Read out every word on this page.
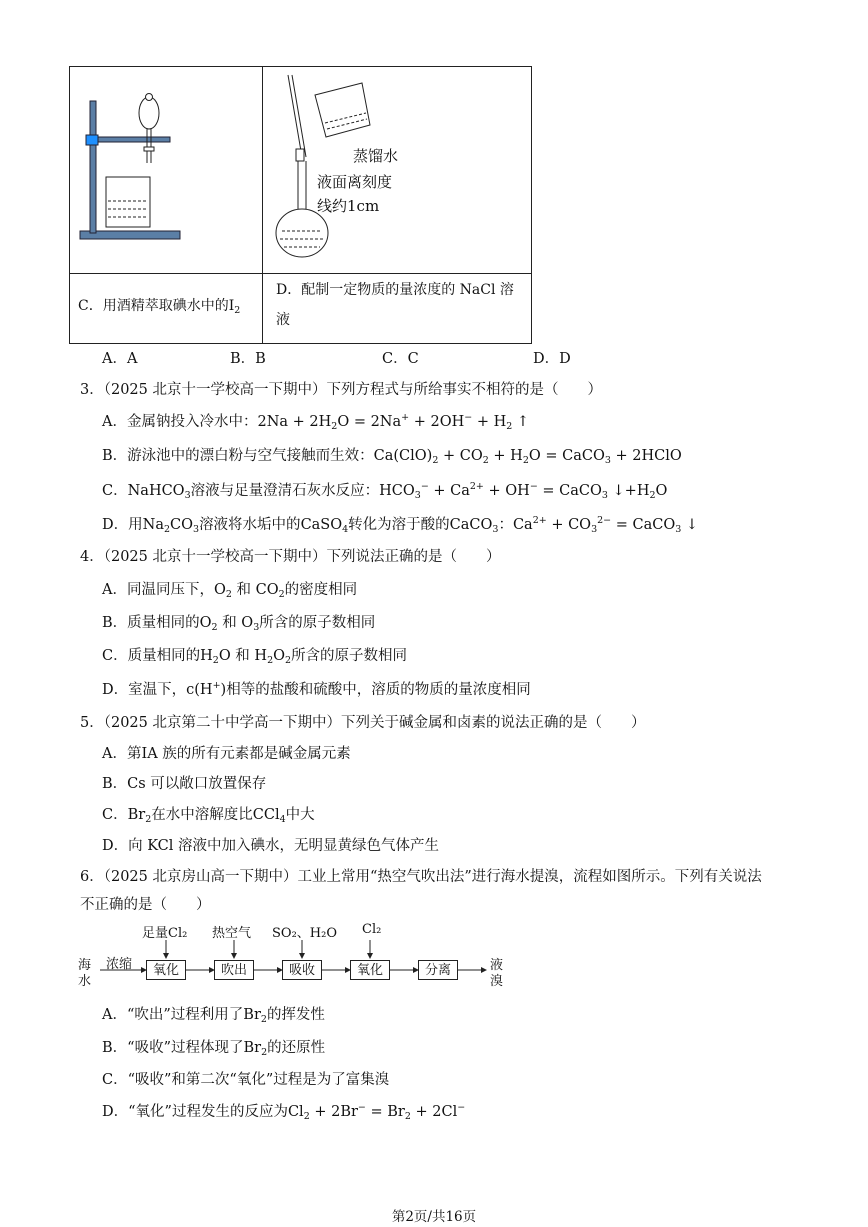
蒸馏水
液面离刻度
线约1cm
C．用酒精萃取碘水中的$I_2$
D．配制一定物质的量浓度的 NaCl 溶
液
A．A	B．B	C．C	D．D
3．（2025 北京十一学校高一下期中）下列方程式与所给事实不相符的是（　　）
A．金属钠投入冷水中：$2Na + 2H_2O = 2Na^+ + 2OH^- + H_2$ ↑
B．游泳池中的漂白粉与空气接触而生效：$Ca(ClO)_2 + CO_2 + H_2O$ = CaCO$_3$ + 2HClO
C．NaHCO$_3$溶液与足量澄清石灰水反应：$HCO_3^- + Ca^{2+} + OH^-$ = CaCO$_3$ $↓+H_2O$
D．用$Na_2CO_3$溶液将水垢中的CaSO$_4$转化为溶于酸的CaCO$_3$：$Ca^{2+} + CO_3^{2-}$ = CaCO$_3$ ↓
4．（2025 北京十一学校高一下期中）下列说法正确的是（　　）
A．同温同压下，$O_2$ 和 $CO_2$的密度相同
B．质量相同的$O_2$ 和 $O_3$所含的原子数相同
C．质量相同的$H_2O$ 和 $H_2O_2$所含的原子数相同
D．室温下，c(H+)相等的盐酸和硫酸中，溶质的物质的量浓度相同
5．（2025 北京第二十中学高一下期中）下列关于碱金属和卤素的说法正确的是（　　）
A．第IA 族的所有元素都是碱金属元素
B．Cs 可以敞口放置保存
C．$Br_2$在水中溶解度比CCl$_4$中大
D．向 KCl 溶液中加入碘水，无明显黄绿色气体产生
6．（2025 北京房山高一下期中）工业上常用“热空气吹出法”进行海水提溴，流程如图所示。下列有关说法
不正确的是（　　）
海
水
浓缩	氧化	吹出	吸收	氧化	分离
足量Cl₂ 热空气 SO₂、H₂O Cl₂
液
溴
A．“吹出”过程利用了$Br_2$的挥发性
B．“吸收”过程体现了$Br_2$的还原性
C．“吸收”和第二次“氧化”过程是为了富集溴
D．“氧化”过程发生的反应为$Cl_2 + 2Br^- = Br_2 + 2Cl^-$
第2页/共16页
